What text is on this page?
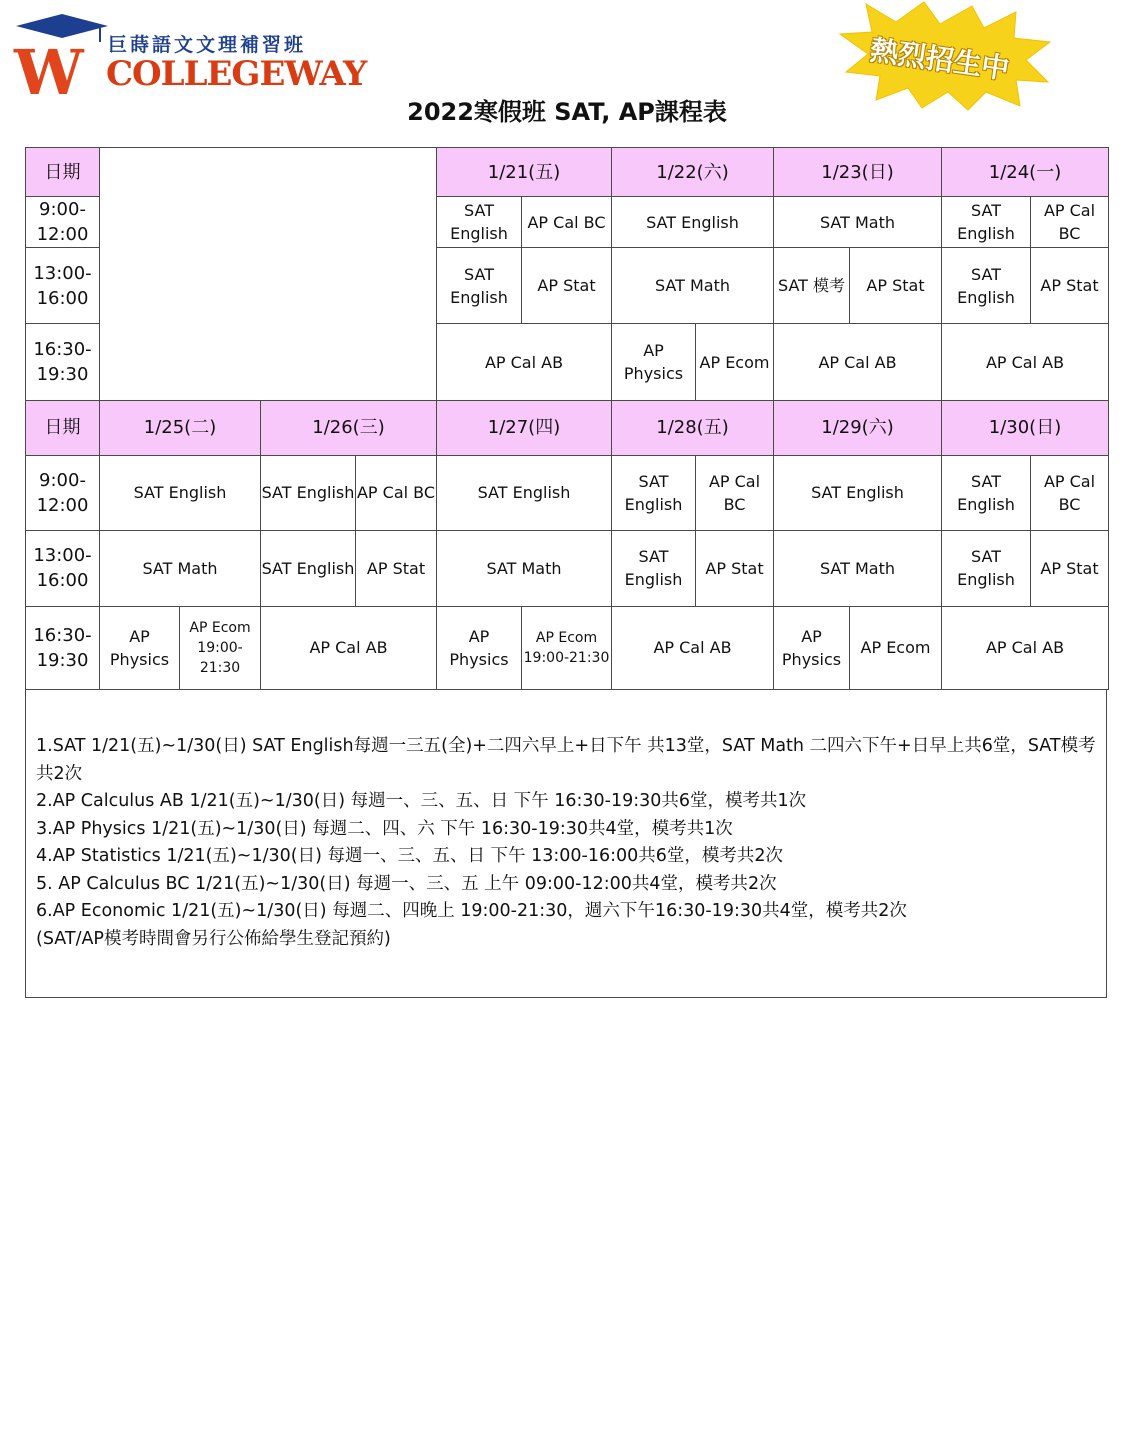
W 巨蒔語文文理補習班
COLLEGEWAY	熱烈招生中
2022寒假班 SAT, AP課程表
日期					1/21(五)		1/22(六)		1/23(日)		1/24(一)	
9:00-12:00					SAT English	AP Cal BC	SAT English		SAT Math		SAT English	AP Cal BC
13:00-16:00					SAT English	AP Stat	SAT Math		SAT 模考	AP Stat	SAT English	AP Stat
16:30-19:30					AP Cal AB		AP Physics	AP Ecom	AP Cal AB		AP Cal AB	
日期	1/25(二)		1/26(三)		1/27(四)		1/28(五)		1/29(六)		1/30(日)	
9:00-12:00	SAT English		SAT English	AP Cal BC	SAT English		SAT English	AP Cal BC	SAT English		SAT English	AP Cal BC
13:00-16:00	SAT Math		SAT English	AP Stat	SAT Math		SAT English	AP Stat	SAT Math		SAT English	AP Stat
16:30-19:30	AP Physics	AP Ecom 19:00-21:30	AP Cal AB		AP Physics	AP Ecom 19:00-21:30	AP Cal AB		AP Physics	AP Ecom	AP Cal AB	
1.SAT 1/21(五)~1/30(日) SAT English每週一三五(全)+二四六早上+日下午 共13堂，SAT Math 二四六下午+日早上共6堂，SAT模考共2次
2.AP Calculus AB 1/21(五)~1/30(日) 每週一、三、五、日 下午 16:30-19:30共6堂，模考共1次
3.AP Physics 1/21(五)~1/30(日) 每週二、四、六 下午 16:30-19:30共4堂，模考共1次
4.AP Statistics 1/21(五)~1/30(日) 每週一、三、五、日 下午 13:00-16:00共6堂，模考共2次
5. AP Calculus BC 1/21(五)~1/30(日) 每週一、三、五 上午 09:00-12:00共4堂，模考共2次
6.AP Economic 1/21(五)~1/30(日) 每週二、四晚上 19:00-21:30，週六下午16:30-19:30共4堂，模考共2次
(SAT/AP模考時間會另行公佈給學生登記預約)
